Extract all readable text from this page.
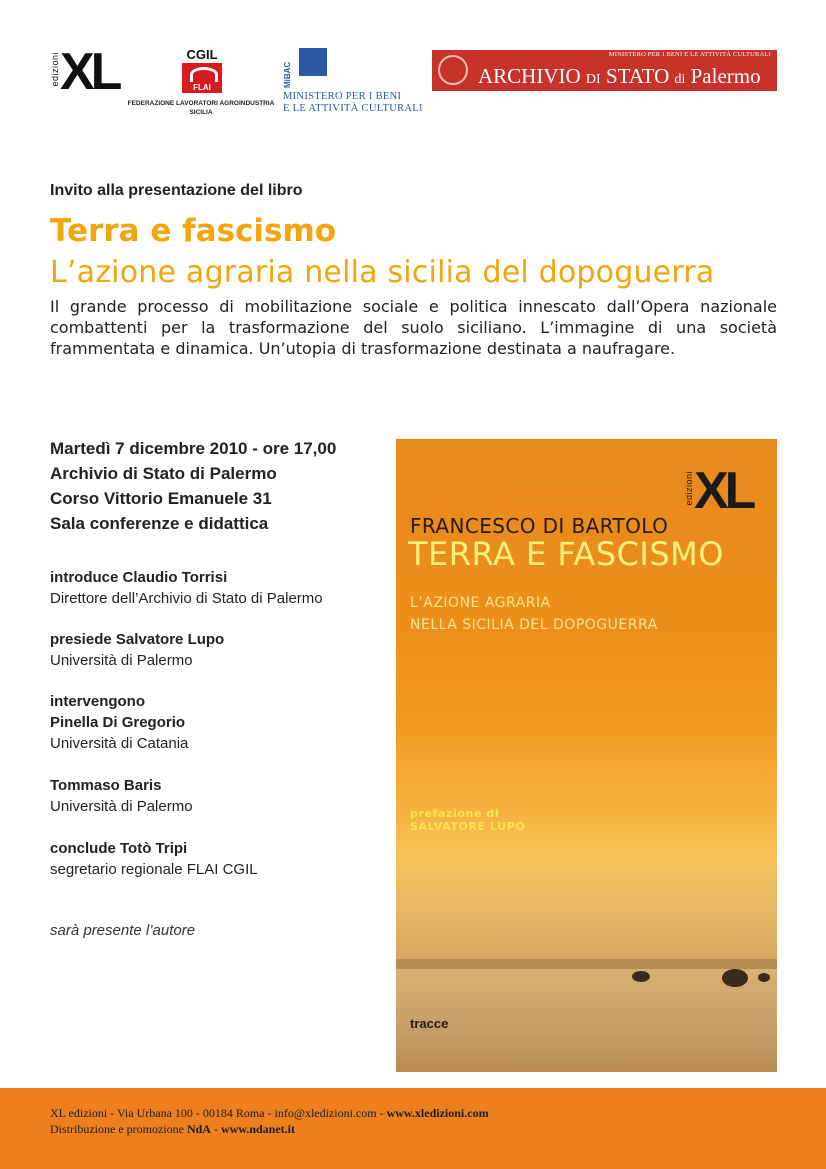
edizioni XL	CGIL
FLAI
FEDERAZIONE LAVORATORI AGROINDUSTRIA
SICILIA
MiBAC
MINISTERO PER I BENI
E LE ATTIVITÀ CULTURALI
MINISTERO PER I BENI E LE ATTIVITÀ CULTURALI
ARCHIVIO DI STATO di Palermo
Invito alla presentazione del libro
Terra e fascismo
L’azione agraria nella sicilia del dopoguerra
Il grande processo di mobilitazione sociale e politica innescato dall’Opera nazionale combattenti per la trasformazione del suolo siciliano. L’immagine di una società frammentata e dinamica. Un’utopia di trasformazione destinata a naufragare.
Martedì 7 dicembre 2010 - ore 17,00
Archivio di Stato di Palermo
Corso Vittorio Emanuele 31
Sala conferenze e didattica
introduce Claudio Torrisi
Direttore dell’Archivio di Stato di Palermo
presiede Salvatore Lupo
Università di Palermo
intervengono
Pinella Di Gregorio
Università di Catania
Tommaso Baris
Università di Palermo
conclude Totò Tripi
segretario regionale FLAI CGIL
sarà presente l’autore
edizioni XL
FRANCESCO DI BARTOLO
TERRA E FASCISMO
L’AZIONE AGRARIA
NELLA SICILIA DEL DOPOGUERRA
prefazione di
SALVATORE LUPO
tracce
XL edizioni - Via Urbana 100 - 00184 Roma - info@xledizioni.com - www.xledizioni.com
Distribuzione e promozione NdA - www.ndanet.it
